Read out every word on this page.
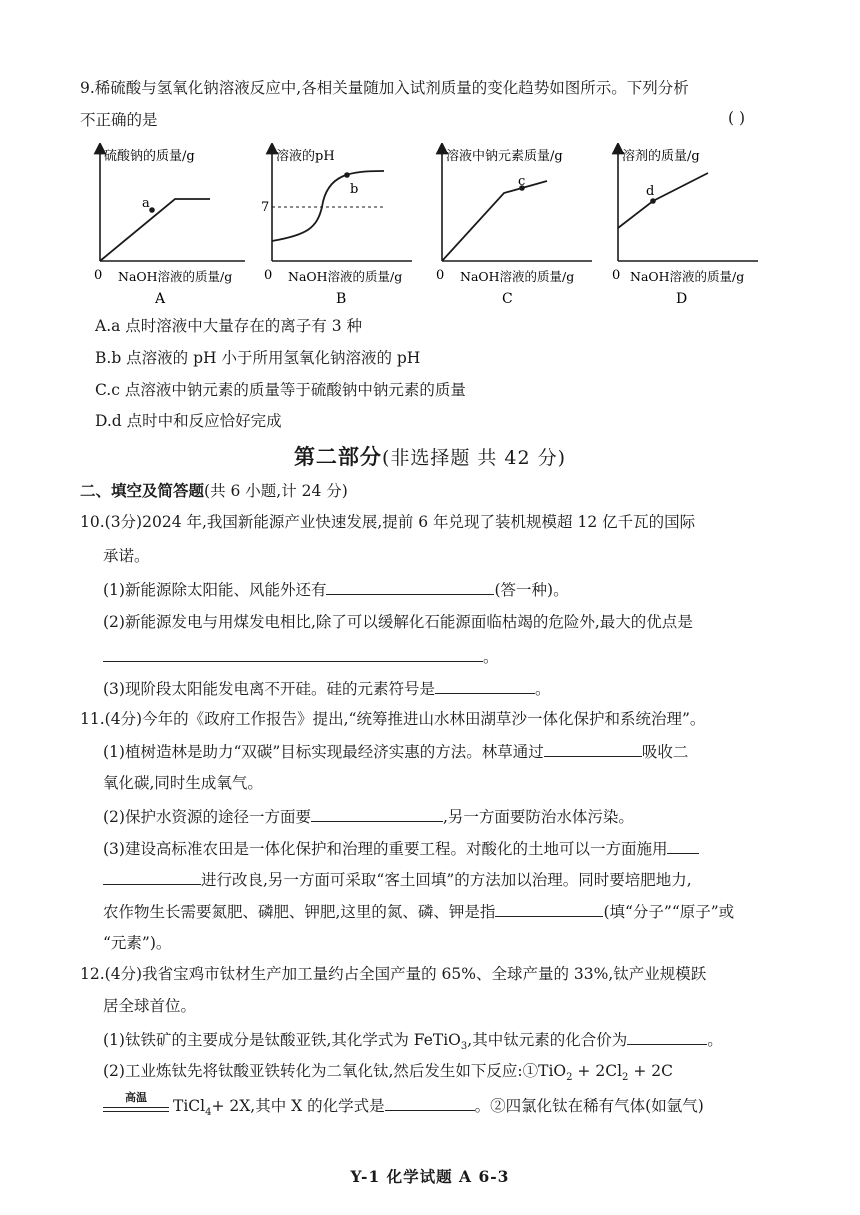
9.稀硫酸与氢氧化钠溶液反应中,各相关量随加入试剂质量的变化趋势如图所示。下列分析
不正确的是	( )
硫酸钠的质量/g
a
0 NaOH溶液的质量/g
A
溶液的pH
7
b
0 NaOH溶液的质量/g
B
溶液中钠元素质量/g
c
0 NaOH溶液的质量/g
C
溶剂的质量/g
d
0 NaOH溶液的质量/g
D
A.a 点时溶液中大量存在的离子有 3 种
B.b 点溶液的 pH 小于所用氢氧化钠溶液的 pH
C.c 点溶液中钠元素的质量等于硫酸钠中钠元素的质量
D.d 点时中和反应恰好完成
第二部分(非选择题 共 42 分)
二、填空及简答题(共 6 小题,计 24 分)
10.(3分)2024 年,我国新能源产业快速发展,提前 6 年兑现了装机规模超 12 亿千瓦的国际
承诺。
(1)新能源除太阳能、风能外还有	(答一种)。
(2)新能源发电与用煤发电相比,除了可以缓解化石能源面临枯竭的危险外,最大的优点是
。
(3)现阶段太阳能发电离不开硅。硅的元素符号是	。
11.(4分)今年的《政府工作报告》提出,“统筹推进山水林田湖草沙一体化保护和系统治理”。
(1)植树造林是助力“双碳”目标实现最经济实惠的方法。林草通过	吸收二
氧化碳,同时生成氧气。
(2)保护水资源的途径一方面要	,另一方面要防治水体污染。
(3)建设高标准农田是一体化保护和治理的重要工程。对酸化的土地可以一方面施用
进行改良,另一方面可采取“客土回填”的方法加以治理。同时要培肥地力,
农作物生长需要氮肥、磷肥、钾肥,这里的氮、磷、钾是指	(填“分子”“原子”或
“元素”)。
12.(4分)我省宝鸡市钛材生产加工量约占全国产量的 65%、全球产量的 33%,钛产业规模跃
居全球首位。
(1)钛铁矿的主要成分是钛酸亚铁,其化学式为 FeTiO$_3$,其中钛元素的化合价为	。
(2)工业炼钛先将钛酸亚铁转化为二氧化钛,然后发生如下反应:①TiO$_2$ + $2Cl_2 + 2C$
高温	TiCl$_4$+ 2X,其中 X 的化学式是	。②四氯化钛在稀有气体(如氩气)
Y-1 化学试题 A 6-3
